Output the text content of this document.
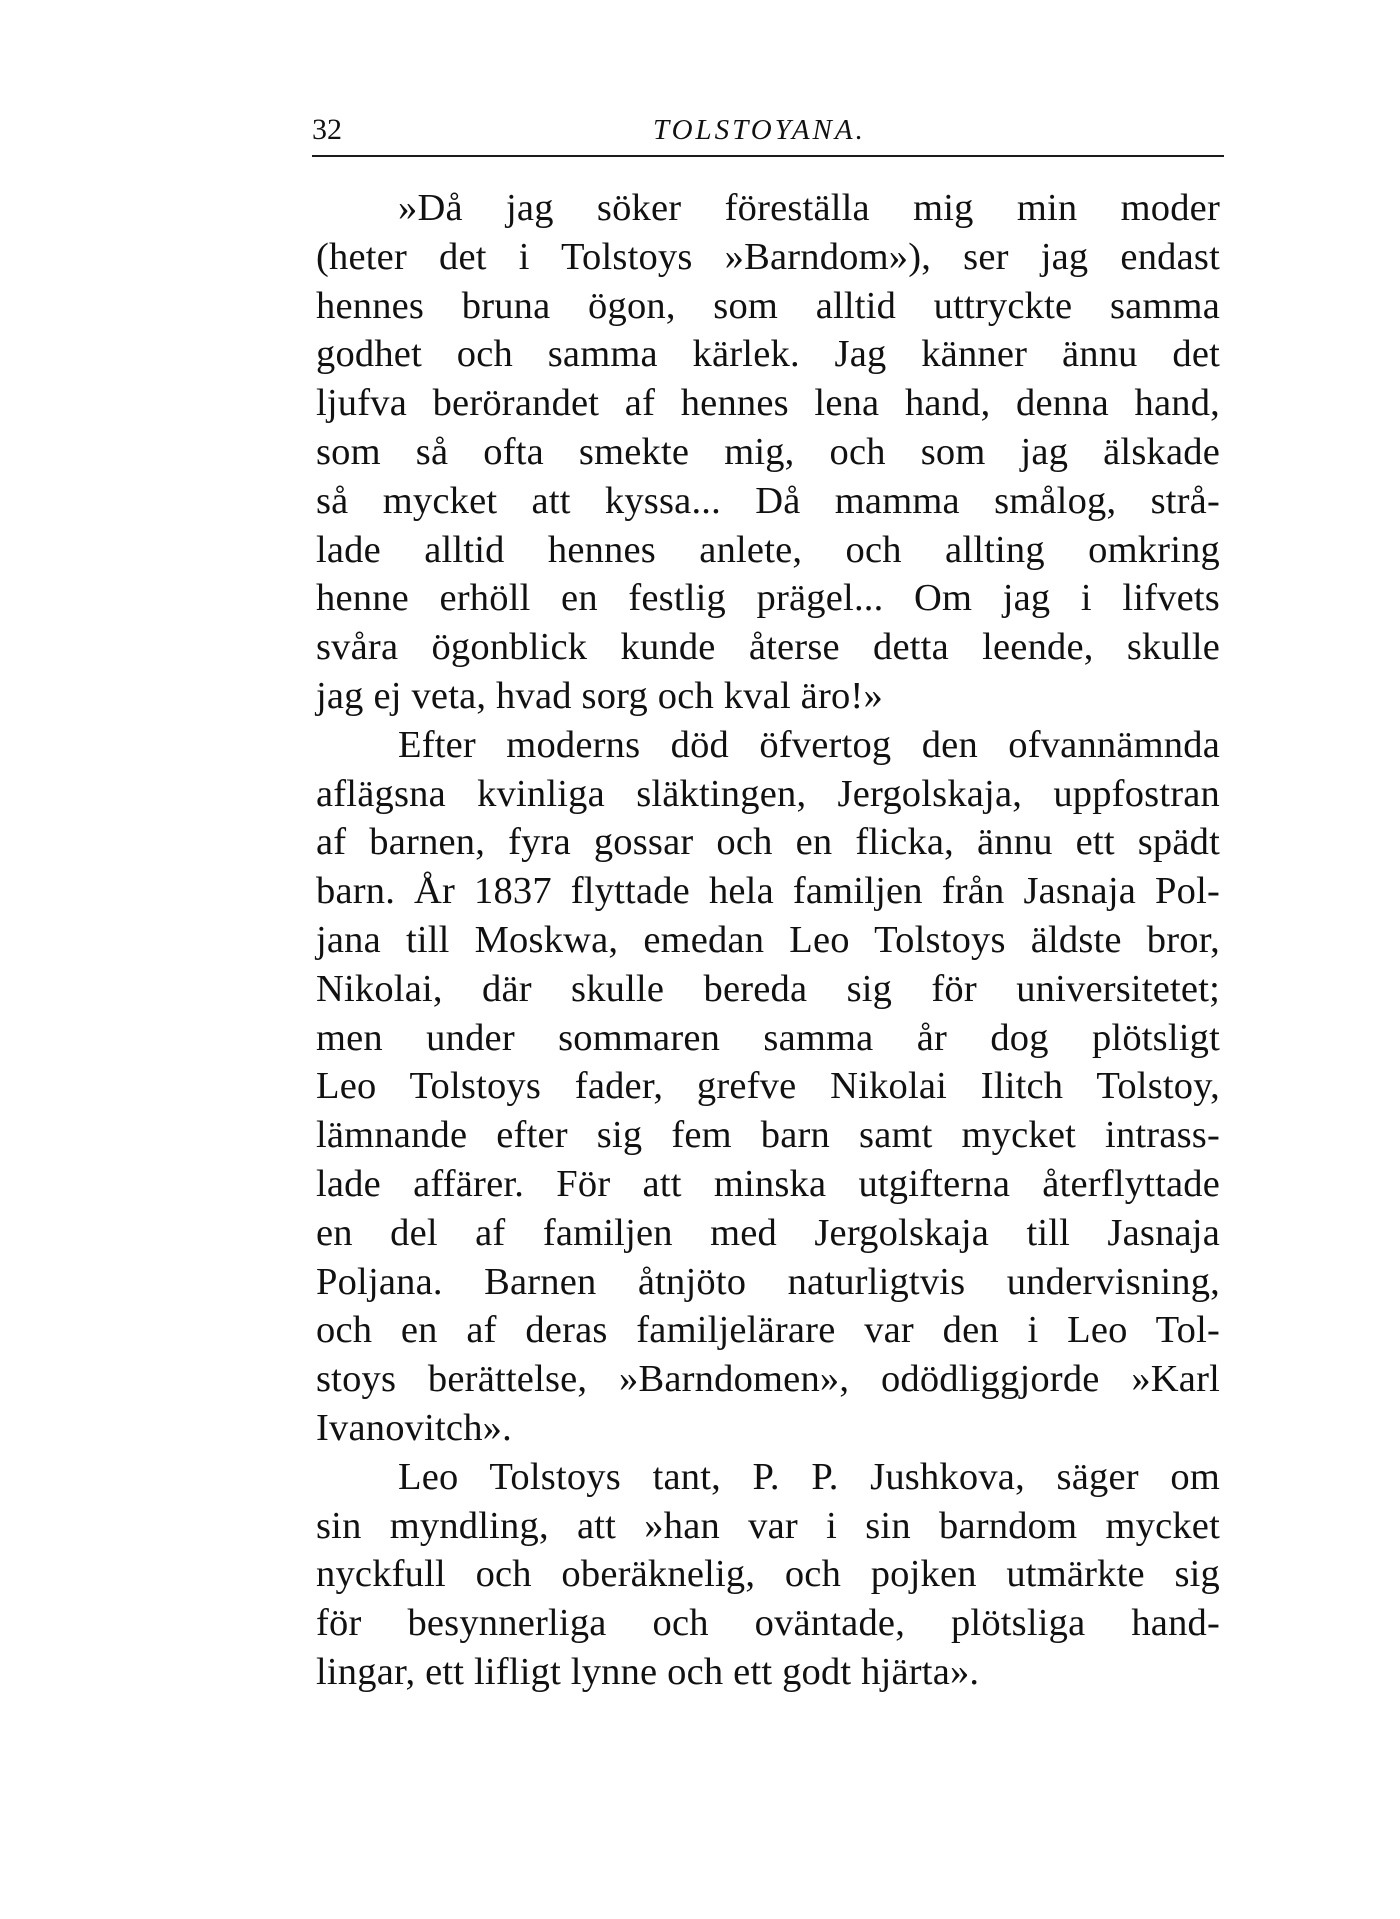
32	TOLSTOYANA.
»Då jag söker föreställa mig min moder
(heter det i Tolstoys »Barndom»), ser jag endast
hennes bruna ögon, som alltid uttryckte samma
godhet och samma kärlek. Jag känner ännu det
ljufva berörandet af hennes lena hand, denna hand,
som så ofta smekte mig, och som jag älskade
så mycket att kyssa... Då mamma smålog, strå-
lade alltid hennes anlete, och allting omkring
henne erhöll en festlig prägel... Om jag i lifvets
svåra ögonblick kunde återse detta leende, skulle
jag ej veta, hvad sorg och kval äro!»
Efter moderns död öfvertog den ofvannämnda
aflägsna kvinliga släktingen, Jergolskaja, uppfostran
af barnen, fyra gossar och en flicka, ännu ett spädt
barn. År 1837 flyttade hela familjen från Jasnaja Pol-
jana till Moskwa, emedan Leo Tolstoys äldste bror,
Nikolai, där skulle bereda sig för universitetet;
men under sommaren samma år dog plötsligt
Leo Tolstoys fader, grefve Nikolai Ilitch Tolstoy,
lämnande efter sig fem barn samt mycket intrass-
lade affärer. För att minska utgifterna återflyttade
en del af familjen med Jergolskaja till Jasnaja
Poljana. Barnen åtnjöto naturligtvis undervisning,
och en af deras familjelärare var den i Leo Tol-
stoys berättelse, »Barndomen», odödliggjorde »Karl
Ivanovitch».
Leo Tolstoys tant, P. P. Jushkova, säger om
sin myndling, att »han var i sin barndom mycket
nyckfull och oberäknelig, och pojken utmärkte sig
för besynnerliga och oväntade, plötsliga hand-
lingar, ett lifligt lynne och ett godt hjärta».
